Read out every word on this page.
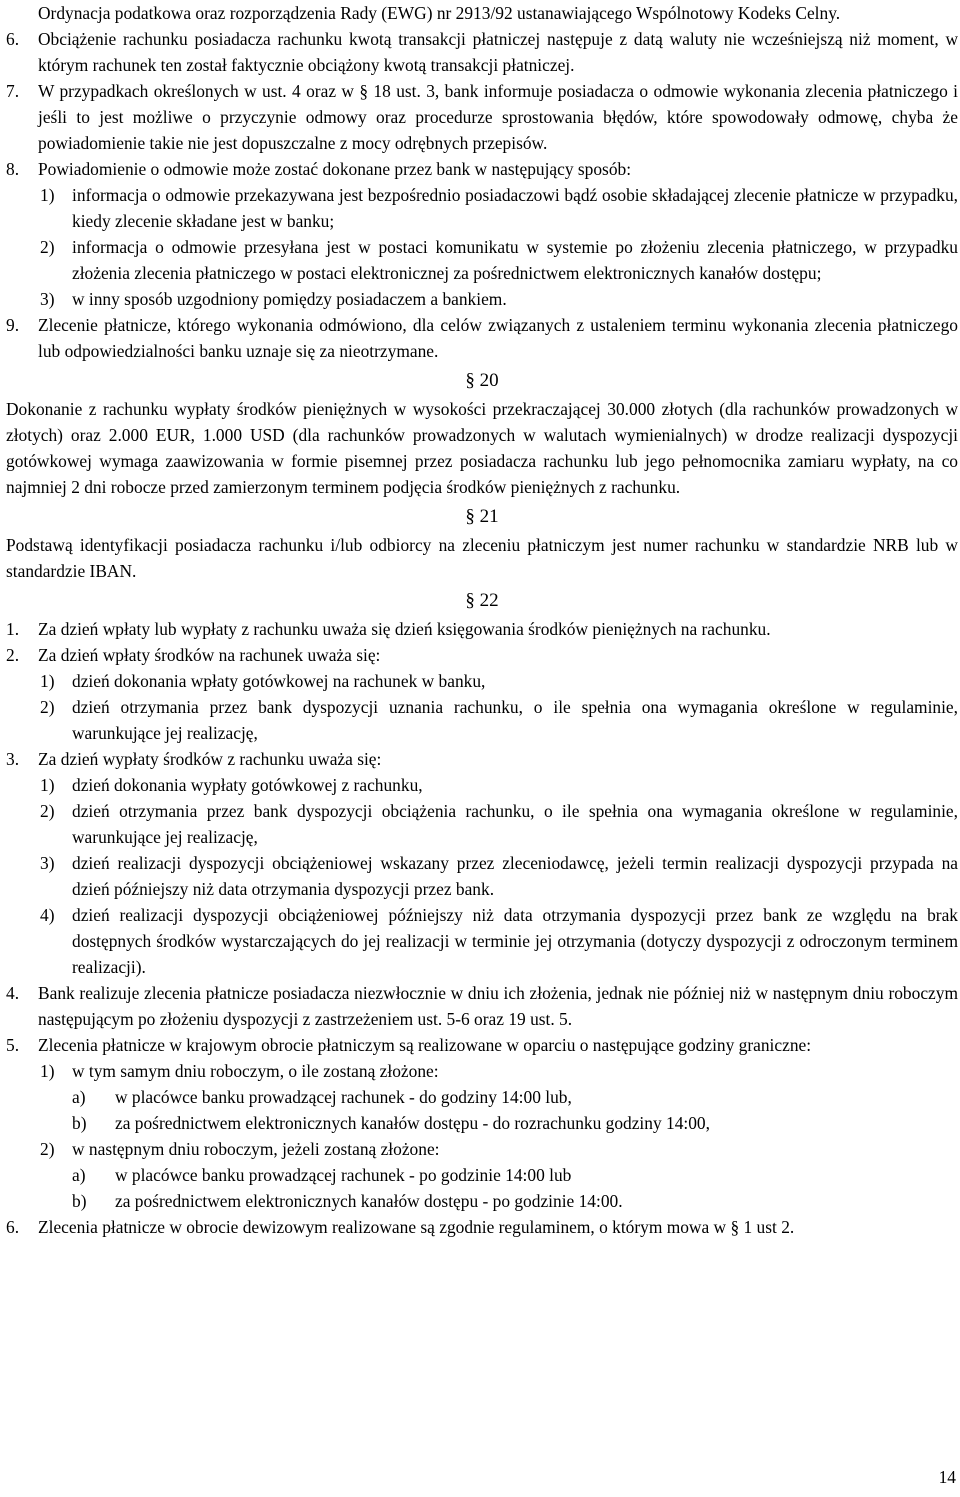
Ordynacja podatkowa oraz rozporządzenia Rady (EWG) nr 2913/92 ustanawiającego Wspólnotowy Kodeks Celny.

6. Obciążenie rachunku posiadacza rachunku kwotą transakcji płatniczej następuje z datą waluty nie wcześniejszą niż moment, w którym rachunek ten został faktycznie obciążony kwotą transakcji płatniczej.
7. W przypadkach określonych w ust. 4 oraz w § 18 ust. 3, bank informuje posiadacza o odmowie wykonania zlecenia płatniczego i jeśli to jest możliwe o przyczynie odmowy oraz procedurze sprostowania błędów, które spowodowały odmowę, chyba że powiadomienie takie nie jest dopuszczalne z mocy odrębnych przepisów.
8. Powiadomienie o odmowie może zostać dokonane przez bank w następujący sposób:
1) informacja o odmowie przekazywana jest bezpośrednio posiadaczowi bądź osobie składającej zlecenie płatnicze w przypadku, kiedy zlecenie składane jest w banku;
2) informacja o odmowie przesyłana jest w postaci komunikatu w systemie po złożeniu zlecenia płatniczego, w przypadku złożenia zlecenia płatniczego w postaci elektronicznej za pośrednictwem elektronicznych kanałów dostępu;
3) w inny sposób uzgodniony pomiędzy posiadaczem a bankiem.
9. Zlecenie płatnicze, którego wykonania odmówiono, dla celów związanych z ustaleniem terminu wykonania zlecenia płatniczego lub odpowiedzialności banku uznaje się za nieotrzymane.
§ 20

Dokonanie z rachunku wypłaty środków pieniężnych w wysokości przekraczającej 30.000 złotych (dla rachunków prowadzonych w złotych) oraz 2.000 EUR, 1.000 USD (dla rachunków prowadzonych w walutach wymienialnych) w drodze realizacji dyspozycji gotówkowej wymaga zaawizowania w formie pisemnej przez posiadacza rachunku lub jego pełnomocnika zamiaru wypłaty, na co najmniej 2 dni robocze przed zamierzonym terminem podjęcia środków pieniężnych z rachunku.

§ 21

Podstawą identyfikacji posiadacza rachunku i/lub odbiorcy na zleceniu płatniczym jest numer rachunku w standardzie NRB lub w standardzie IBAN.

§ 22
1. Za dzień wpłaty lub wypłaty z rachunku uważa się dzień księgowania środków pieniężnych na rachunku.
2. Za dzień wpłaty środków na rachunek uważa się:
1) dzień dokonania wpłaty gotówkowej na rachunek w banku,
2) dzień otrzymania przez bank dyspozycji uznania rachunku, o ile spełnia ona wymagania określone w regulaminie, warunkujące jej realizację,
3. Za dzień wypłaty środków z rachunku uważa się:
1) dzień dokonania wypłaty gotówkowej z rachunku,
2) dzień otrzymania przez bank dyspozycji obciążenia rachunku, o ile spełnia ona wymagania określone w regulaminie, warunkujące jej realizację,
3) dzień realizacji dyspozycji obciążeniowej wskazany przez zleceniodawcę, jeżeli termin realizacji dyspozycji przypada na dzień późniejszy niż data otrzymania dyspozycji przez bank.
4) dzień realizacji dyspozycji obciążeniowej późniejszy niż data otrzymania dyspozycji przez bank ze względu na brak dostępnych środków wystarczających do jej realizacji w terminie jej otrzymania (dotyczy dyspozycji z odroczonym terminem realizacji).
4. Bank realizuje zlecenia płatnicze posiadacza niezwłocznie w dniu ich złożenia, jednak nie później niż w następnym dniu roboczym następującym po złożeniu dyspozycji z zastrzeżeniem ust. 5-6 oraz 19 ust. 5.
5. Zlecenia płatnicze w krajowym obrocie płatniczym są realizowane w oparciu o następujące godziny graniczne:
1) w tym samym dniu roboczym, o ile zostaną złożone:
a) w placówce banku prowadzącej rachunek - do godziny 14:00 lub,
b) za pośrednictwem elektronicznych kanałów dostępu - do rozrachunku godziny 14:00,
2) w następnym dniu roboczym, jeżeli zostaną złożone:
a) w placówce banku prowadzącej rachunek - po godzinie 14:00 lub
b) za pośrednictwem elektronicznych kanałów dostępu - po godzinie 14:00.
6. Zlecenia płatnicze w obrocie dewizowym realizowane są zgodnie regulaminem, o którym mowa w § 1 ust 2.
14
